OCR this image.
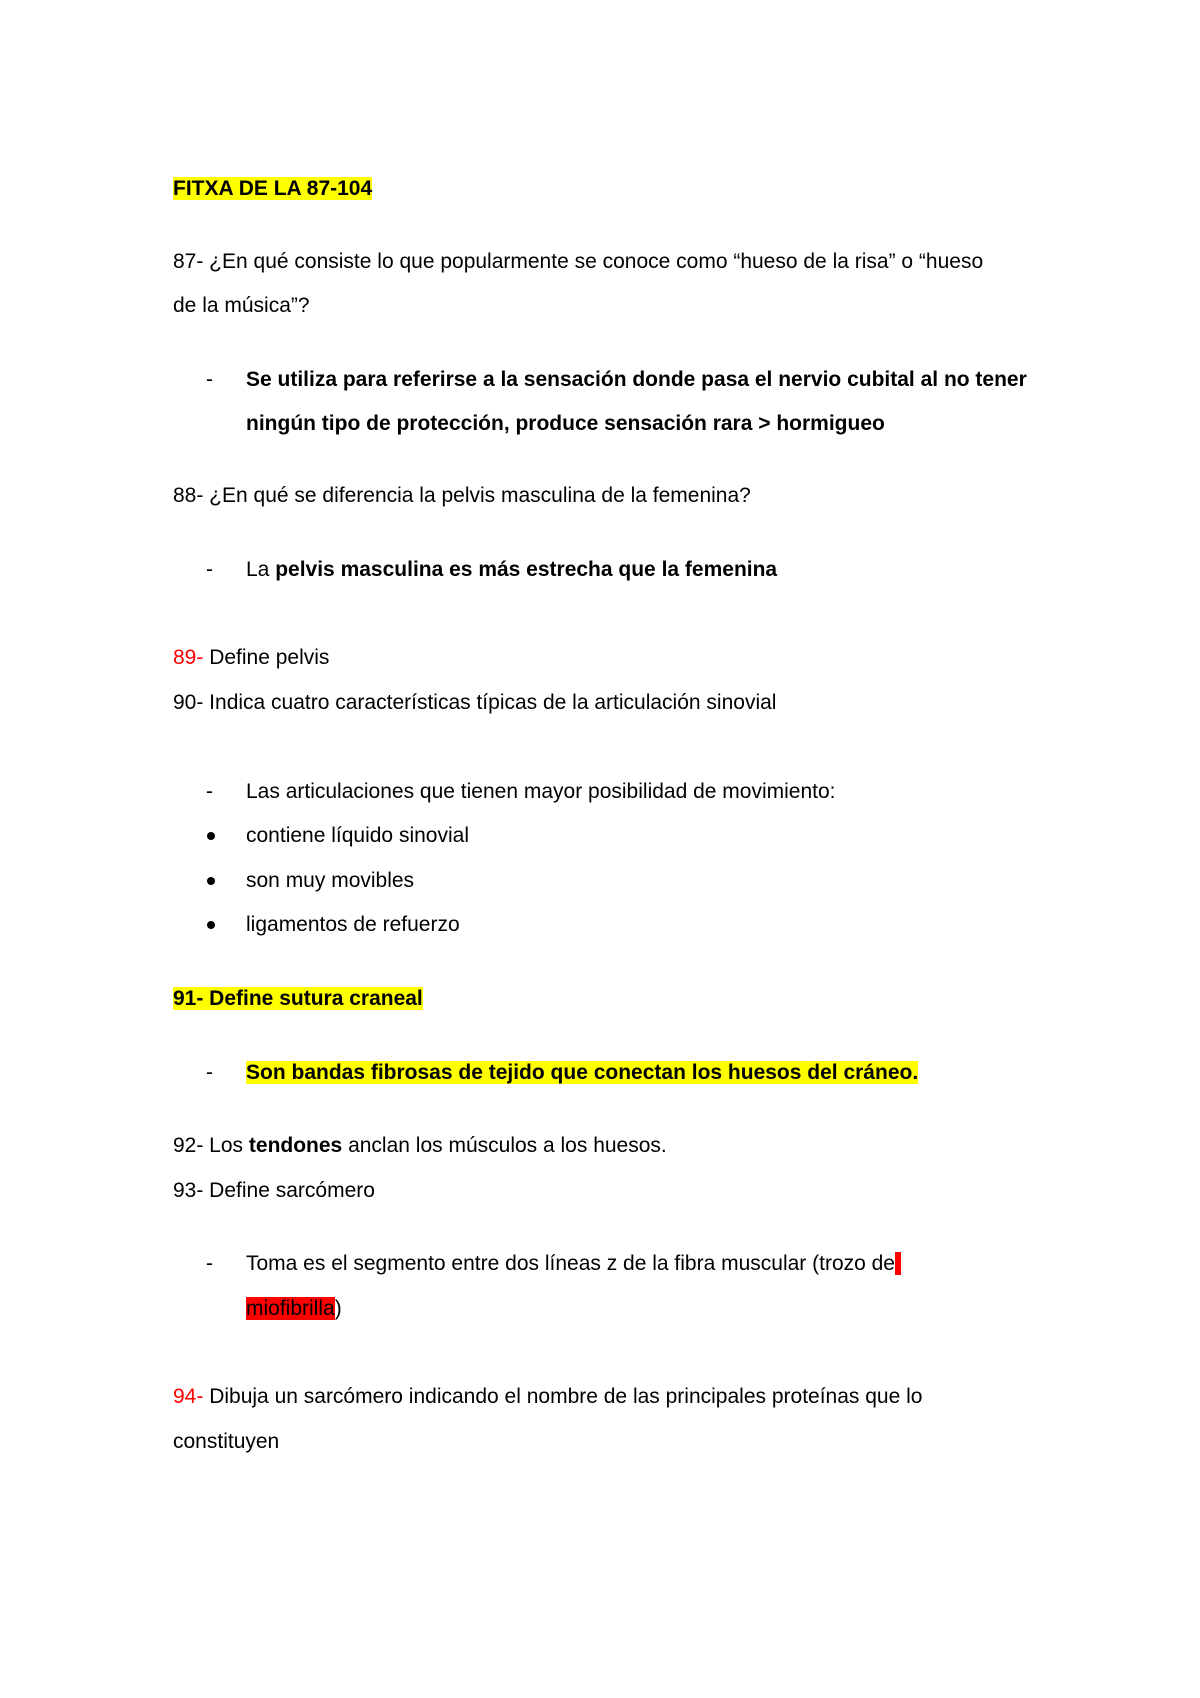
FITXA DE LA 87-104
87- ¿En qué consiste lo que popularmente se conoce como “hueso de la risa” o “hueso
de la música”?
- Se utiliza para referirse a la sensación donde pasa el nervio cubital al no tener
ningún tipo de protección, produce sensación rara > hormigueo
88- ¿En qué se diferencia la pelvis masculina de la femenina?
- La pelvis masculina es más estrecha que la femenina
89- Define pelvis
90- Indica cuatro características típicas de la articulación sinovial
- Las articulaciones que tienen mayor posibilidad de movimiento:
contiene líquido sinovial
son muy movibles
ligamentos de refuerzo
91- Define sutura craneal
- Son bandas fibrosas de tejido que conectan los huesos del cráneo.
92- Los tendones anclan los músculos a los huesos.
93- Define sarcómero
- Toma es el segmento entre dos líneas z de la fibra muscular (trozo de​
miofibrilla)
94- Dibuja un sarcómero indicando el nombre de las principales proteínas que lo
constituyen
